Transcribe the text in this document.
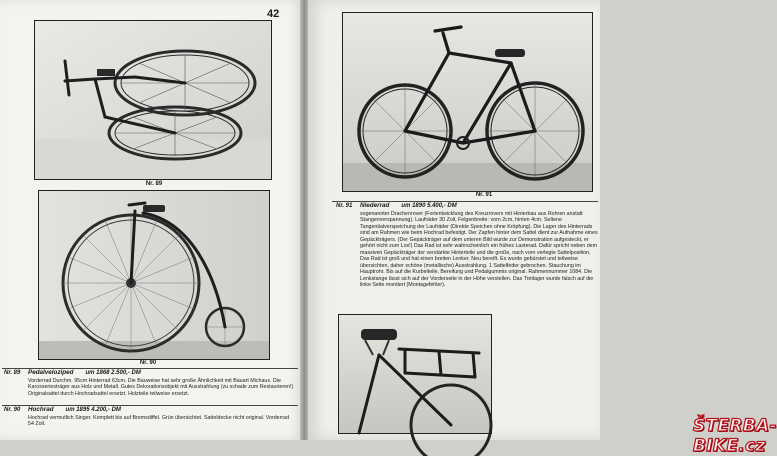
42
Nr. 89
Nr. 90
Nr. 89	Pedalveloziped um 1868 2.500,- DM
Vorderrad Durchm. 95cm Hinterrad 63cm. Die Bauweise hat sehr große Ähnlichkeit mit Bauart Michaux. Die Karosseriesträger aus Holz und Metall. Gutes Dekorationsobjekt mit Ausstrahlung (zu schade zum Restaurieren!) Originalsattel durch Hochradsattel ersetzt. Holzteile teilweise ersetzt.
Nr. 90	Hochrad um 1895 4.200,- DM
Hochrad vermutlich Singer. Komplett bis auf Bremsdiffel. Grün übersichtet. Satteldecke nicht original. Vorderrad 54 Zoll.
Nr. 91
Nr. 91	Niederrad um 1890 5.400,- DM
sogenannter Drachenrover (Fortentwicklung des Kreuzrovers mit Hinterbau aus Rohren anstatt Stangenverspannung). Laufräder 30 Zoll, Felgenbreite: vorn 2cm, hinten 4cm. Seltene Tangentialverspeichung der Laufräder (Direkte Speichen ohne Kröpfung). Die Lager des Hinterrads sind am Rahmen wie beim Hochrad befestigt. Der Zapfen hinter dem Sattel dient zur Aufnahme eines Gepäckträgers. (Der Gepäckträger auf dem unteren Bild wurde zur Demonstration aufgesteckt, er gehört nicht zum Los!) Das Rad ist sehr wahrscheinlich ein frühes Lasterad. Dafür spricht neben dem massiven Gepäckträger der verstärkte Hinterteile und die große, nach vorn verlegte Sattelposition. Das Rad ist groß und hat einen breiten Lenker. Neu bereift. Es wurde gebürstet und teilweise übersichten, daher schöne (metallische) Ausstrahlung. 1 Sattelfeder gebrochen. Stauchung im Hauptrohr. Bis auf die Kurbelteile, Bereifung und Pedalgummis original. Rahmennummer 1084. Die Lenkstange lässt sich auf der Vorderseite in der Höhe verstellen. Das Tretlager wurde falsch auf die linke Seite montiert (Montagefehler).
ŠTERBA-BIKE.cz
